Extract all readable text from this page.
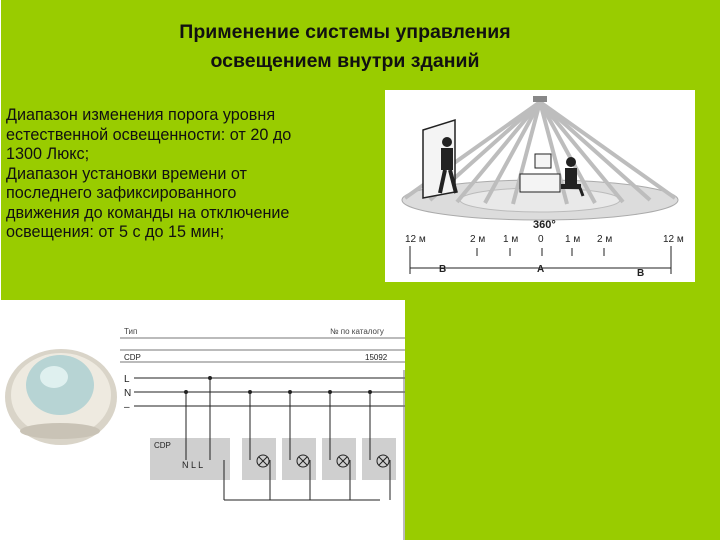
Применение системы управления
освещением внутри зданий
Диапазон изменения порога уровня
естественной освещенности: от 20 до
1300 Люкс;
Диапазон установки времени от
последнего зафиксированного
движения до команды на отключение
освещения: от 5 с до 15 мин;	360°
12 м	2 м 1 м 0 1 м 2 м	12 м
B	A	B
Тип	№ по каталогу
CDP	15092
L
N
–
CDP
N L L
